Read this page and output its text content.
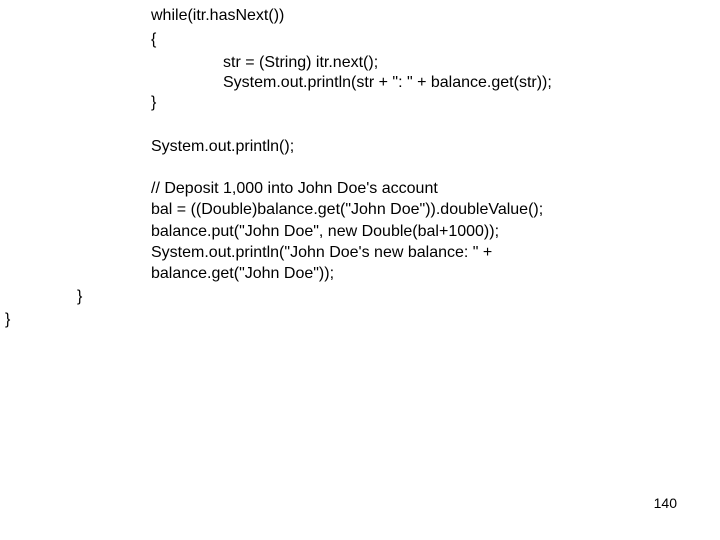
while(itr.hasNext())
{
str = (String) itr.next();
System.out.println(str + ": " + balance.get(str));
}
System.out.println();
// Deposit 1,000 into John Doe's account
bal = ((Double)balance.get("John Doe")).doubleValue();
balance.put("John Doe", new Double(bal+1000));
System.out.println("John Doe's new balance: " +
balance.get("John Doe"));
}
}
140
